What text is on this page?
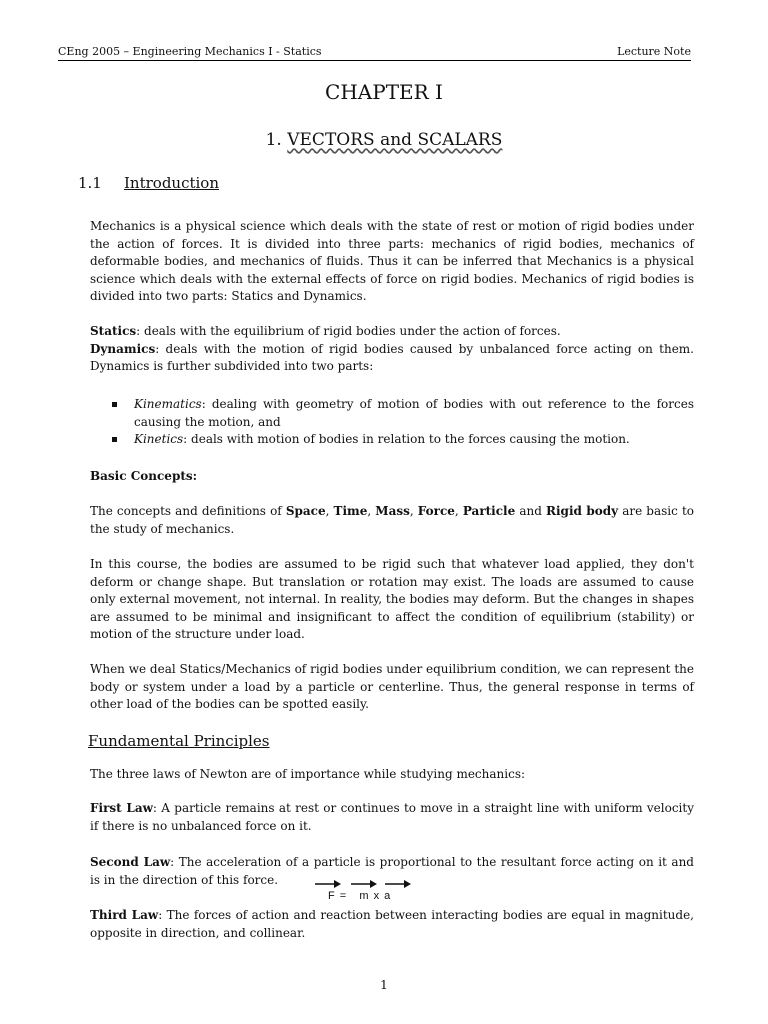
CEng 2005 – Engineering Mechanics I - Statics	Lecture Note
CHAPTER I
1. VECTORS and SCALARS
1.1 Introduction
Mechanics is a physical science which deals with the state of rest or motion of rigid bodies under the action of forces. It is divided into three parts: mechanics of rigid bodies, mechanics of deformable bodies, and mechanics of fluids. Thus it can be inferred that Mechanics is a physical science which deals with the external effects of force on rigid bodies. Mechanics of rigid bodies is divided into two parts: Statics and Dynamics.
Statics: deals with the equilibrium of rigid bodies under the action of forces.
Dynamics: deals with the motion of rigid bodies caused by unbalanced force acting on them. Dynamics is further subdivided into two parts:
Kinematics: dealing with geometry of motion of bodies with out reference to the forces causing the motion, and
Kinetics: deals with motion of bodies in relation to the forces causing the motion.
Basic Concepts:
The concepts and definitions of Space, Time, Mass, Force, Particle and Rigid body are basic to the study of mechanics.
In this course, the bodies are assumed to be rigid such that whatever load applied, they don't deform or change shape. But translation or rotation may exist. The loads are assumed to cause only external movement, not internal. In reality, the bodies may deform. But the changes in shapes are assumed to be minimal and insignificant to affect the condition of equilibrium (stability) or motion of the structure under load.
When we deal Statics/Mechanics of rigid bodies under equilibrium condition, we can represent the body or system under a load by a particle or centerline. Thus, the general response in terms of other load of the bodies can be spotted easily.
Fundamental Principles
The three laws of Newton are of importance while studying mechanics:
First Law: A particle remains at rest or continues to move in a straight line with uniform velocity if there is no unbalanced force on it.
Second Law: The acceleration of a particle is proportional to the resultant force acting on it and is in the direction of this force.
F =   m x a
Third Law: The forces of action and reaction between interacting bodies are equal in magnitude, opposite in direction, and collinear.
1
